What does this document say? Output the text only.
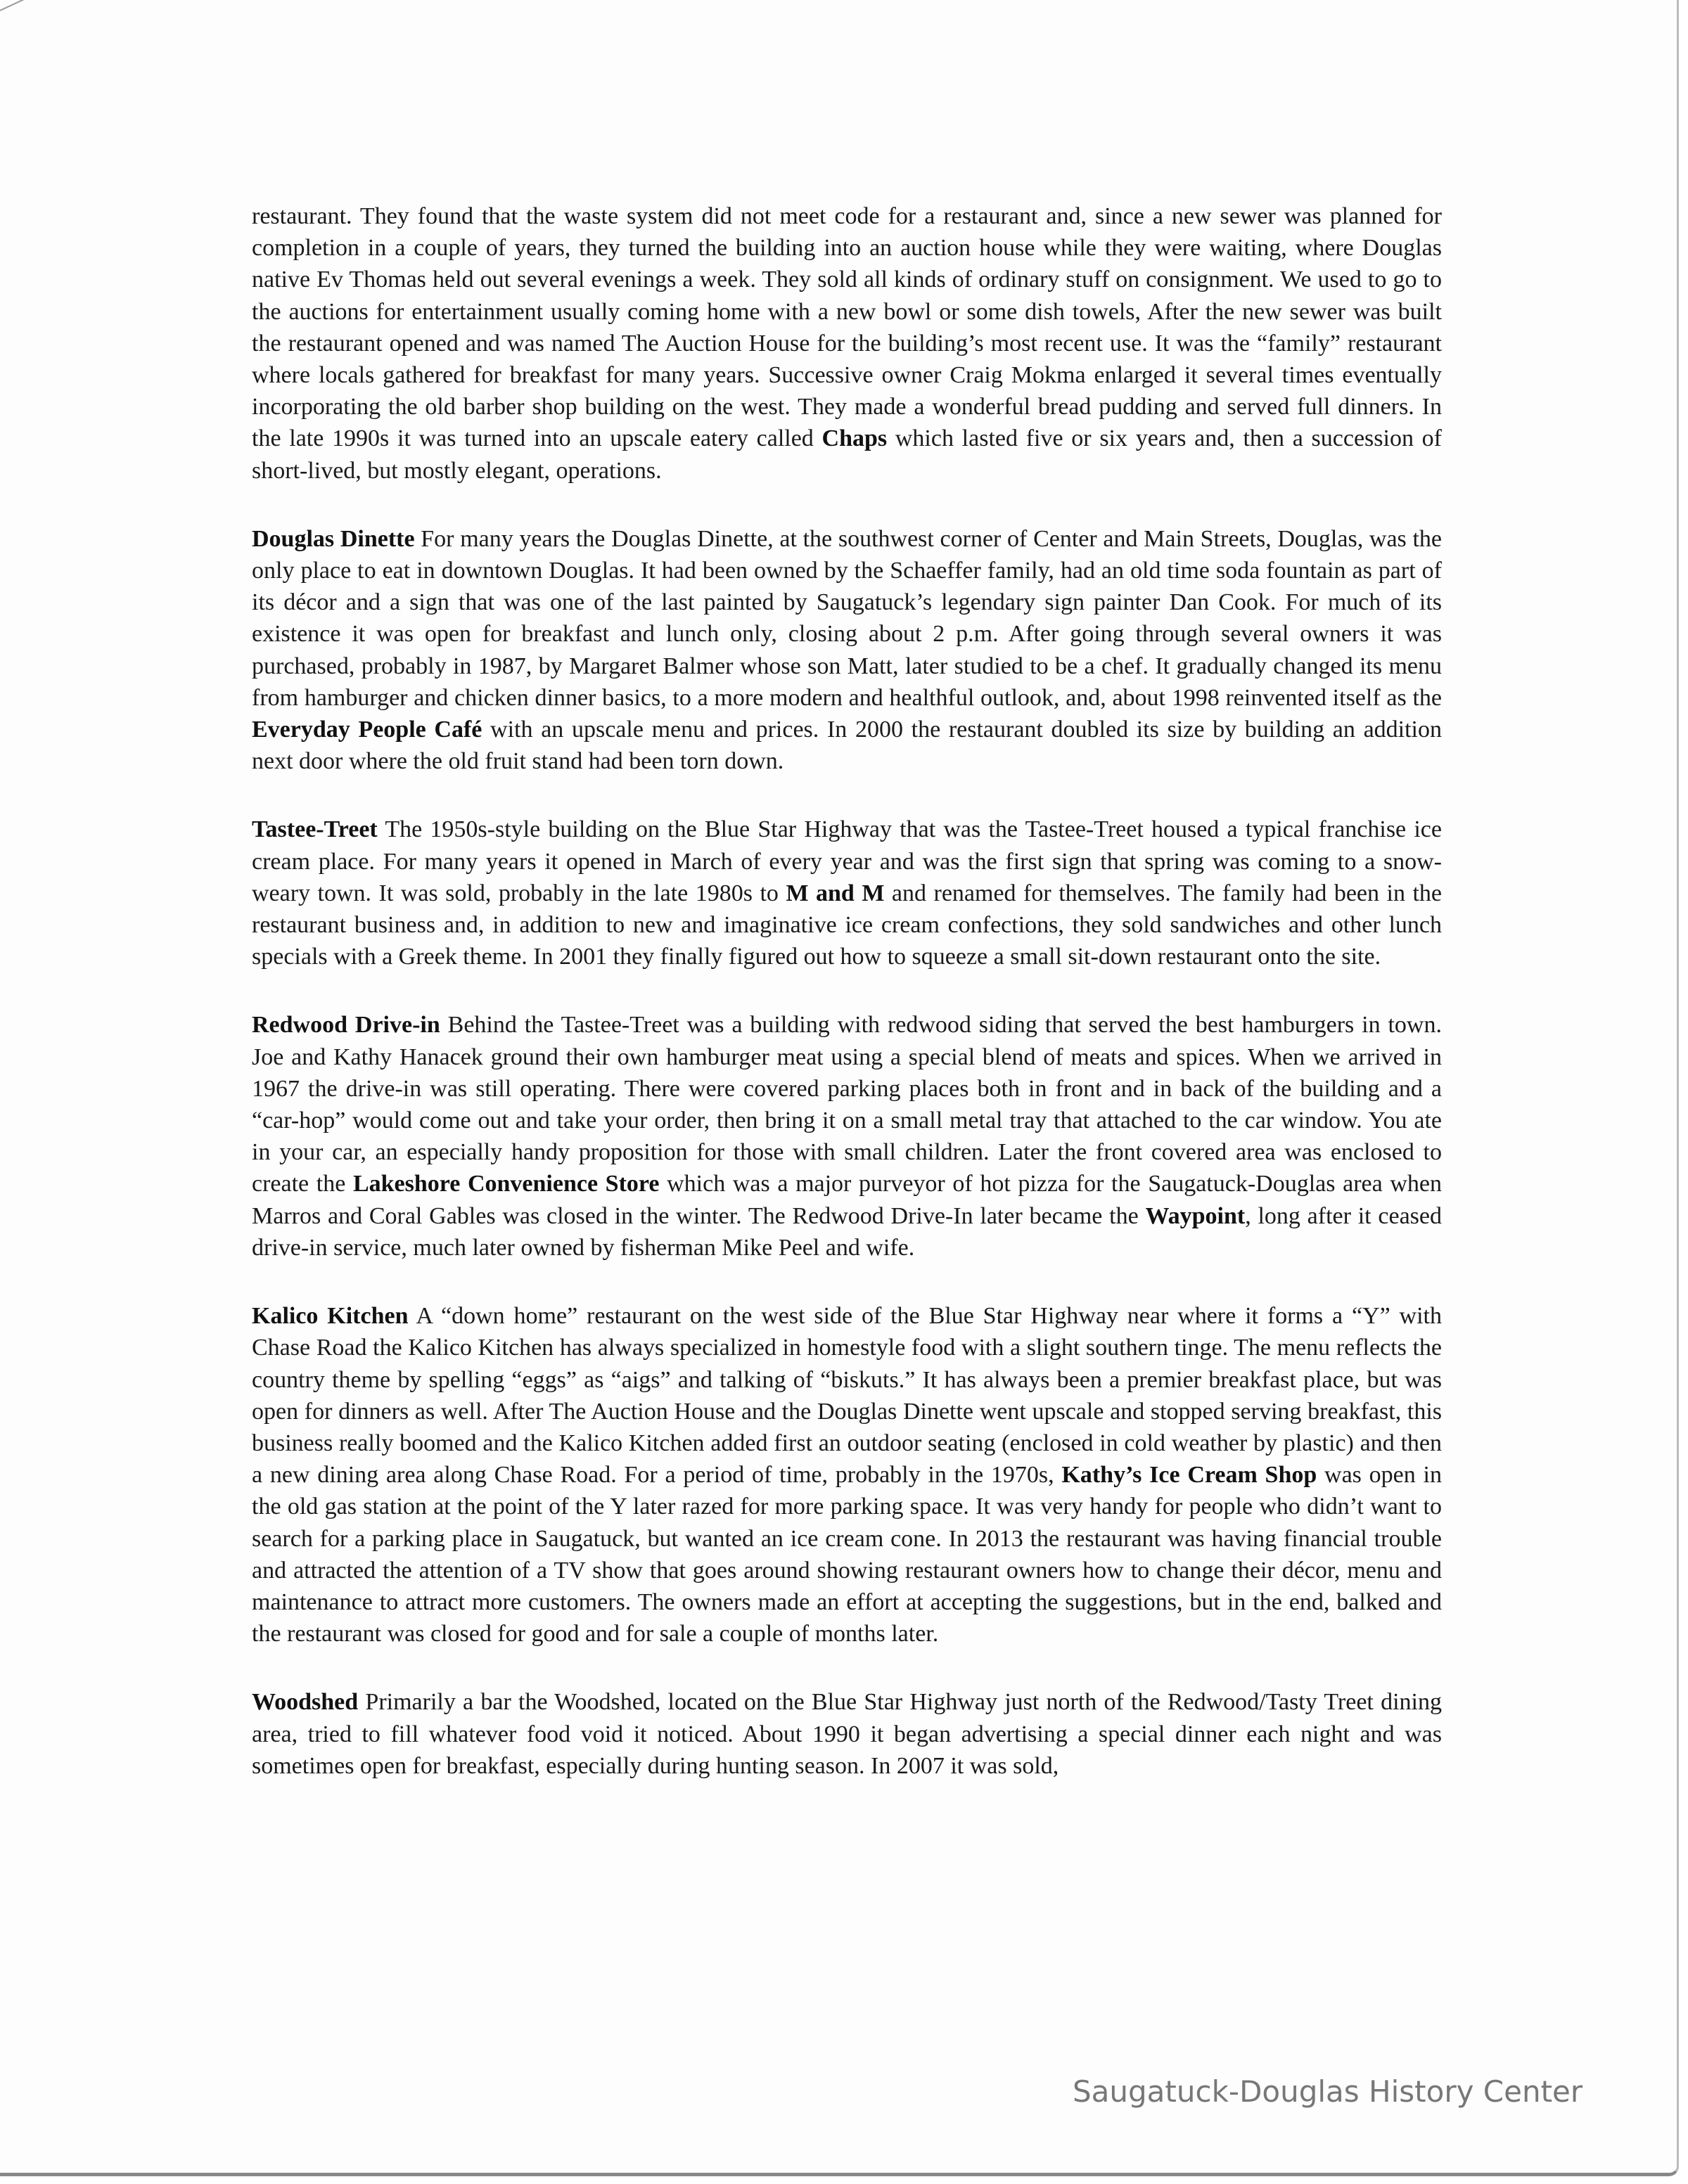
restaurant. They found that the waste system did not meet code for a restaurant and, since a new sewer was planned for completion in a couple of years, they turned the building into an auction house while they were waiting, where Douglas native Ev Thomas held out several evenings a week. They sold all kinds of ordinary stuff on consignment. We used to go to the auctions for entertainment usually coming home with a new bowl or some dish towels, After the new sewer was built the restaurant opened and was named The Auction House for the building’s most recent use. It was the “family” restaurant where locals gathered for breakfast for many years. Successive owner Craig Mokma enlarged it several times eventually incorporating the old barber shop building on the west. They made a wonderful bread pudding and served full dinners. In the late 1990s it was turned into an upscale eatery called Chaps which lasted five or six years and, then a succession of short-lived, but mostly elegant, operations.

Douglas Dinette For many years the Douglas Dinette, at the southwest corner of Center and Main Streets, Douglas, was the only place to eat in downtown Douglas. It had been owned by the Schaeffer family, had an old time soda fountain as part of its décor and a sign that was one of the last painted by Saugatuck’s legendary sign painter Dan Cook. For much of its existence it was open for breakfast and lunch only, closing about 2 p.m. After going through several owners it was purchased, probably in 1987, by Margaret Balmer whose son Matt, later studied to be a chef. It gradually changed its menu from hamburger and chicken dinner basics, to a more modern and healthful outlook, and, about 1998 reinvented itself as the Everyday People Café with an upscale menu and prices. In 2000 the restaurant doubled its size by building an addition next door where the old fruit stand had been torn down.

Tastee-Treet The 1950s-style building on the Blue Star Highway that was the Tastee-Treet housed a typical franchise ice cream place. For many years it opened in March of every year and was the first sign that spring was coming to a snow-weary town. It was sold, probably in the late 1980s to M and M and renamed for themselves. The family had been in the restaurant business and, in addition to new and imaginative ice cream confections, they sold sandwiches and other lunch specials with a Greek theme. In 2001 they finally figured out how to squeeze a small sit-down restaurant onto the site.

Redwood Drive-in Behind the Tastee-Treet was a building with redwood siding that served the best hamburgers in town. Joe and Kathy Hanacek ground their own hamburger meat using a special blend of meats and spices. When we arrived in 1967 the drive-in was still operating. There were covered parking places both in front and in back of the building and a “car-hop” would come out and take your order, then bring it on a small metal tray that attached to the car window. You ate in your car, an especially handy proposition for those with small children. Later the front covered area was enclosed to create the Lakeshore Convenience Store which was a major purveyor of hot pizza for the Saugatuck-Douglas area when Marros and Coral Gables was closed in the winter. The Redwood Drive-In later became the Waypoint, long after it ceased drive-in service, much later owned by fisherman Mike Peel and wife.

Kalico Kitchen A “down home” restaurant on the west side of the Blue Star Highway near where it forms a “Y” with Chase Road the Kalico Kitchen has always specialized in homestyle food with a slight southern tinge. The menu reflects the country theme by spelling “eggs” as “aigs” and talking of “biskuts.” It has always been a premier breakfast place, but was open for dinners as well. After The Auction House and the Douglas Dinette went upscale and stopped serving breakfast, this business really boomed and the Kalico Kitchen added first an outdoor seating (enclosed in cold weather by plastic) and then a new dining area along Chase Road. For a period of time, probably in the 1970s, Kathy’s Ice Cream Shop was open in the old gas station at the point of the Y later razed for more parking space. It was very handy for people who didn’t want to search for a parking place in Saugatuck, but wanted an ice cream cone. In 2013 the restaurant was having financial trouble and attracted the attention of a TV show that goes around showing restaurant owners how to change their décor, menu and maintenance to attract more customers. The owners made an effort at accepting the suggestions, but in the end, balked and the restaurant was closed for good and for sale a couple of months later.

Woodshed Primarily a bar the Woodshed, located on the Blue Star Highway just north of the Redwood/Tasty Treet dining area, tried to fill whatever food void it noticed. About 1990 it began advertising a special dinner each night and was sometimes open for breakfast, especially during hunting season. In 2007 it was sold,

Saugatuck-Douglas History Center
